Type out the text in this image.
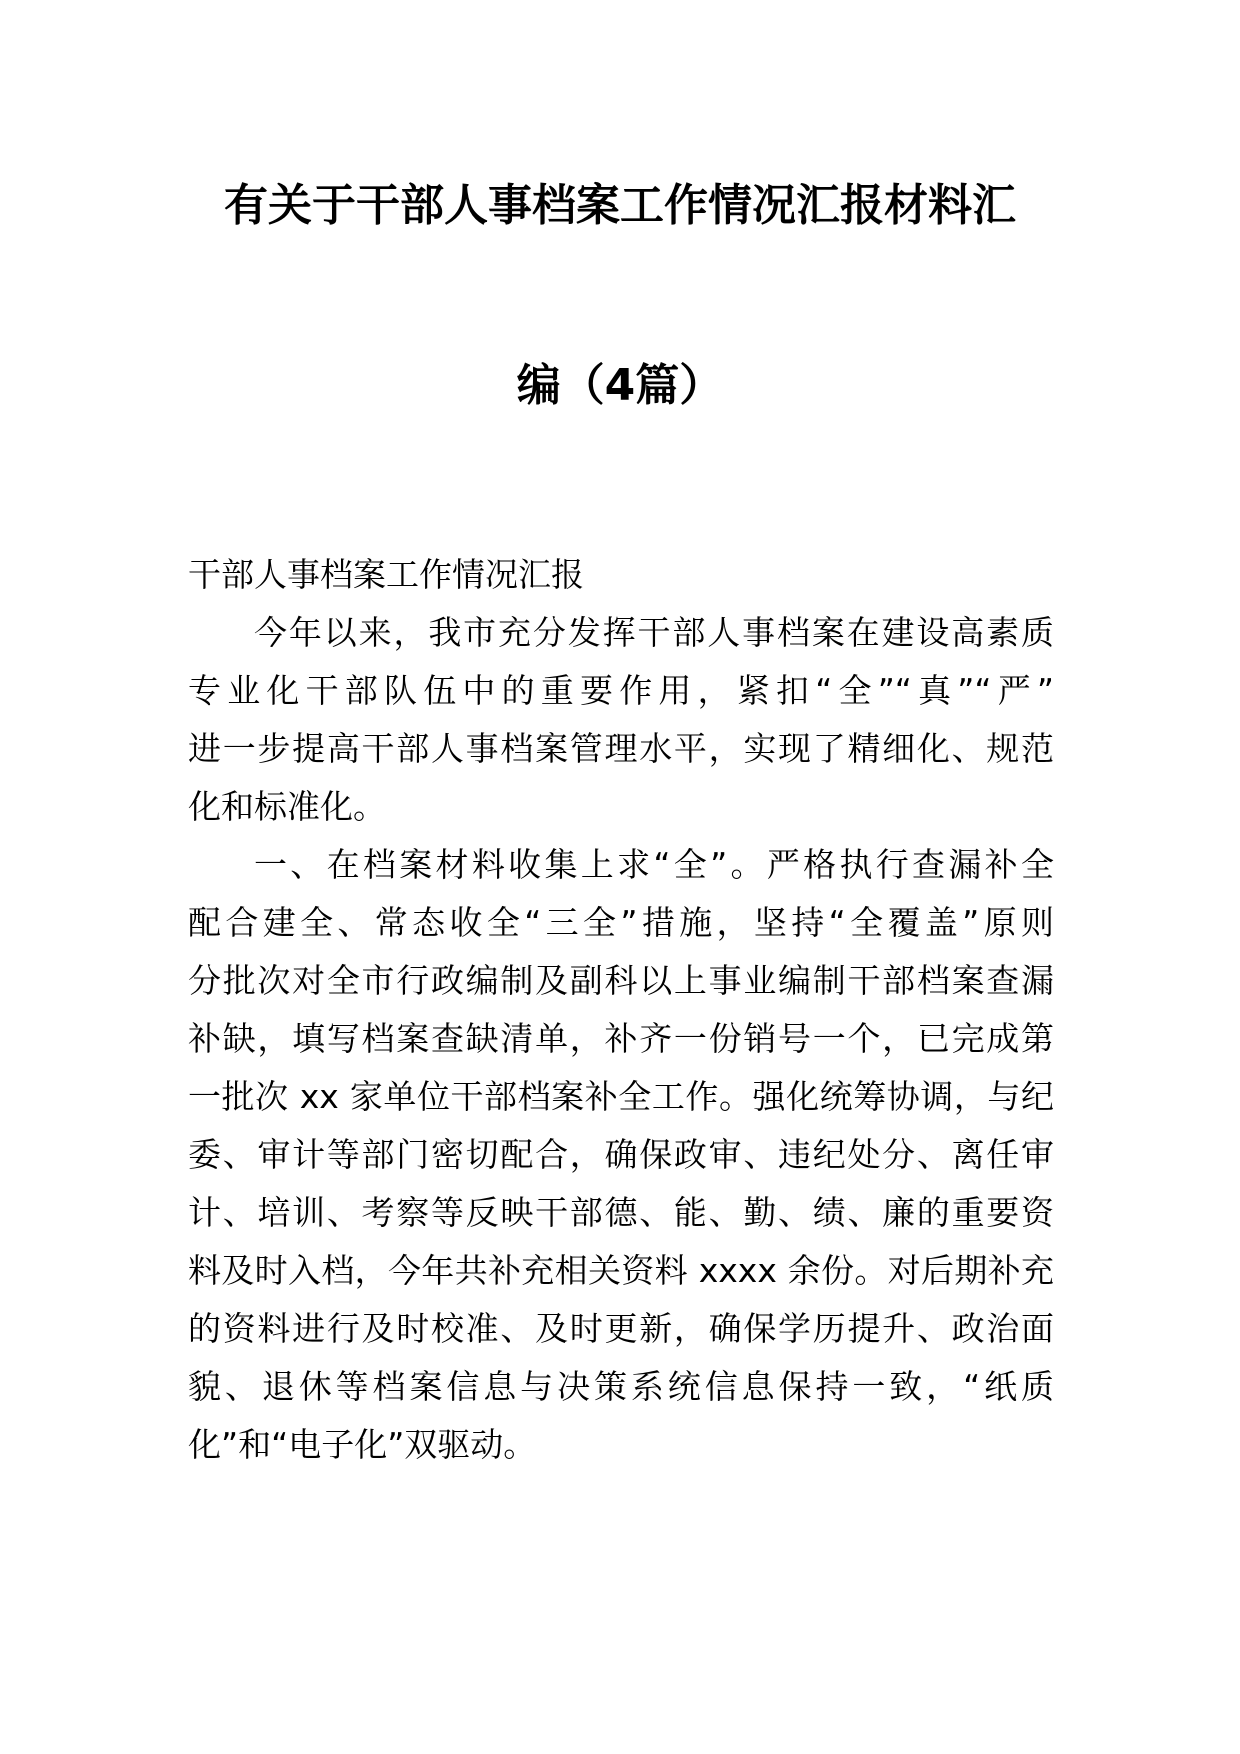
有关于干部人事档案工作情况汇报材料汇
编（4篇）
干部人事档案工作情况汇报
今年以来，我市充分发挥干部人事档案在建设高素质
专业化干部队伍中的重要作用，紧扣“全”“真”“严”
进一步提高干部人事档案管理水平，实现了精细化、规范
化和标准化。
一、在档案材料收集上求“全”。严格执行查漏补全
配合建全、常态收全“三全”措施，坚持“全覆盖”原则
分批次对全市行政编制及副科以上事业编制干部档案查漏
补缺，填写档案查缺清单，补齐一份销号一个，已完成第
一批次 xx 家单位干部档案补全工作。强化统筹协调，与纪
委、审计等部门密切配合，确保政审、违纪处分、离任审
计、培训、考察等反映干部德、能、勤、绩、廉的重要资
料及时入档，今年共补充相关资料 xxxx 余份。对后期补充
的资料进行及时校准、及时更新，确保学历提升、政治面
貌、退休等档案信息与决策系统信息保持一致，“纸质
化”和“电子化”双驱动。
